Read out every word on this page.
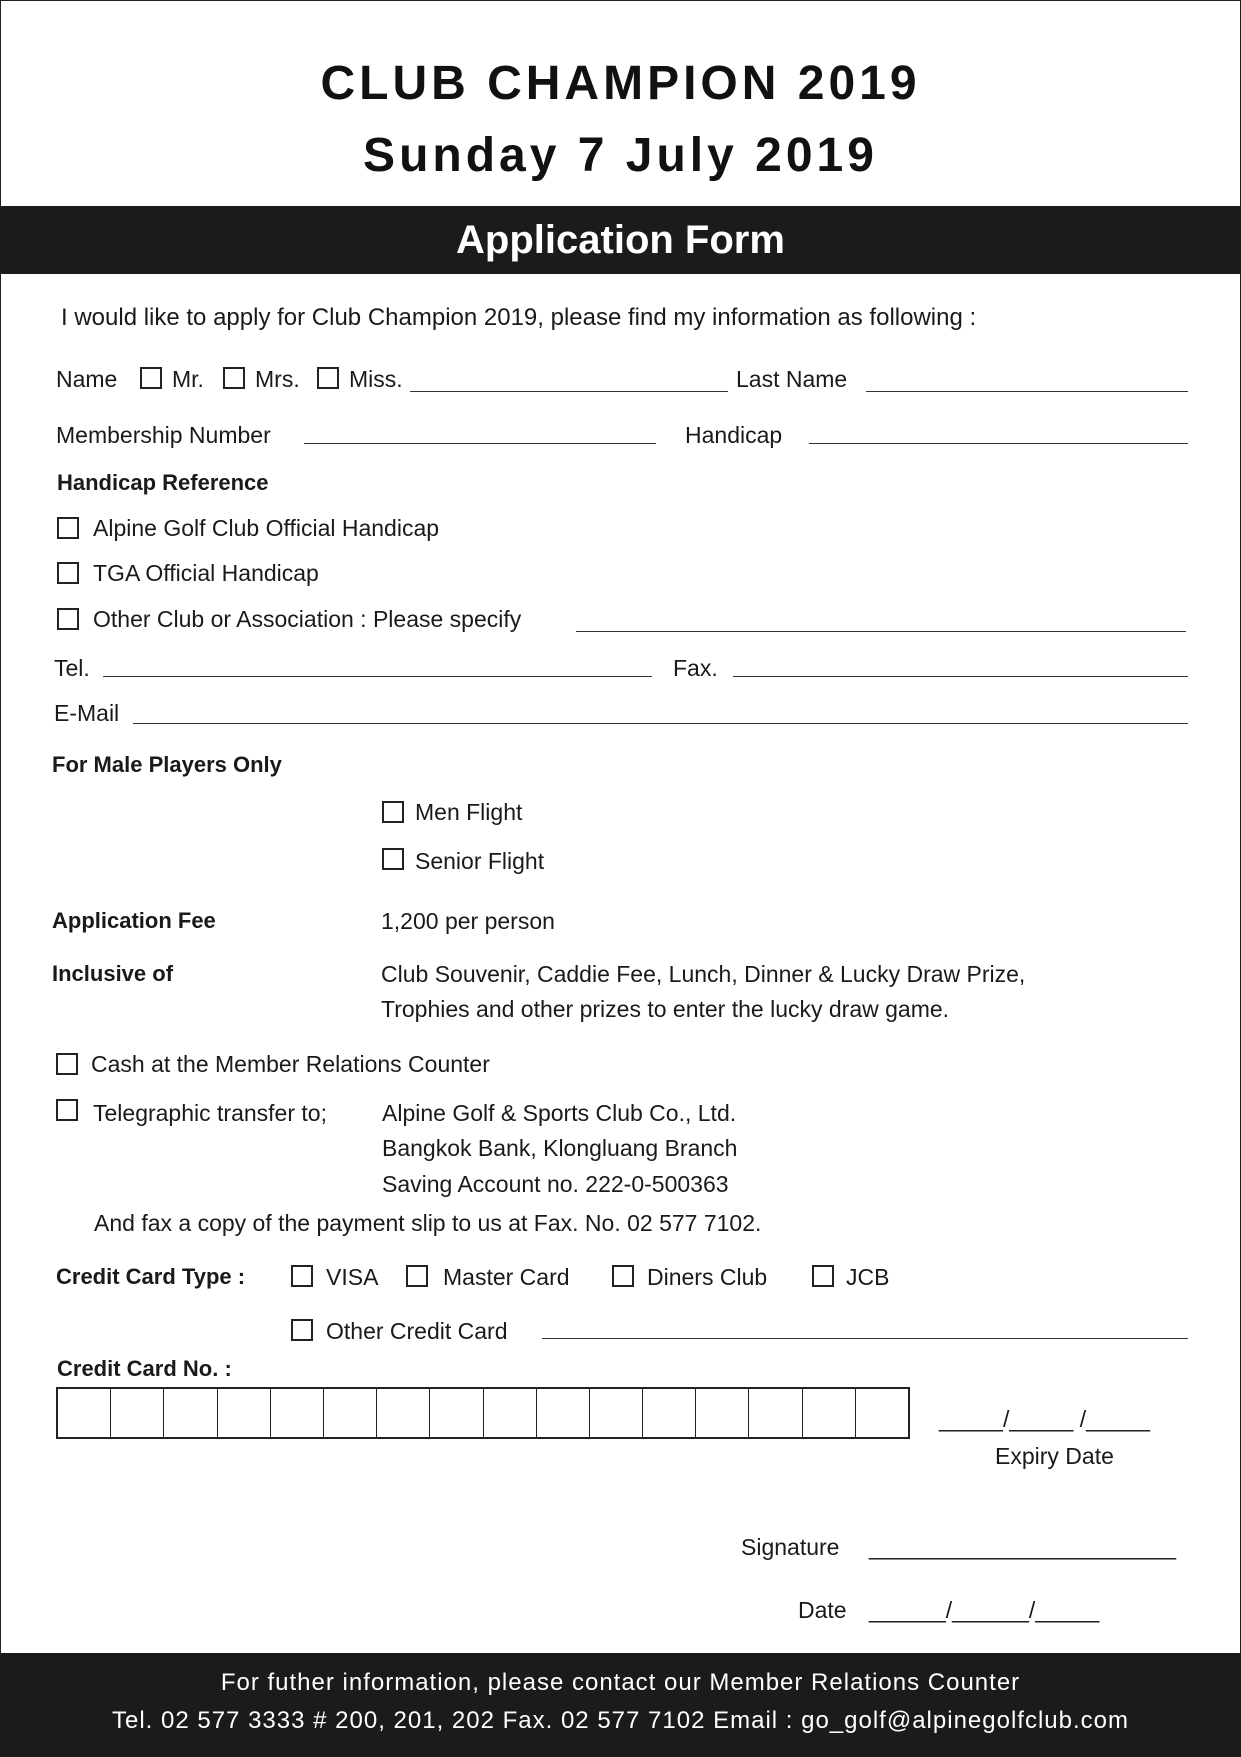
CLUB CHAMPION 2019
Sunday 7 July 2019
Application Form
I would like to apply for Club Champion 2019, please find my information as following :
Name Mr. Mrs. Miss.	Last Name
Membership Number	Handicap
Handicap Reference
Alpine Golf Club Official Handicap
TGA Official Handicap
Other Club or Association : Please specify
Tel.	Fax.
E-Mail
For Male Players Only
Men Flight
Senior Flight
Application Fee	1,200 per person
Inclusive of	Club Souvenir, Caddie Fee, Lunch, Dinner & Lucky Draw Prize,
Trophies and other prizes to enter the lucky draw game.
Cash at the Member Relations Counter
Telegraphic transfer to; Alpine Golf & Sports Club Co., Ltd.
Bangkok Bank, Klongluang Branch
Saving Account no. 222-0-500363
And fax a copy of the payment slip to us at Fax. No. 02 577 7102.
Credit Card Type :	VISA	Master Card	Diners Club	JCB
Other Credit Card
Credit Card No. :
_____/_____ /_____
Expiry Date
Signature ________________________
Date ______/______/_____
For futher information, please contact our Member Relations Counter
Tel. 02 577 3333 # 200, 201, 202 Fax. 02 577 7102 Email : go_golf@alpinegolfclub.com
